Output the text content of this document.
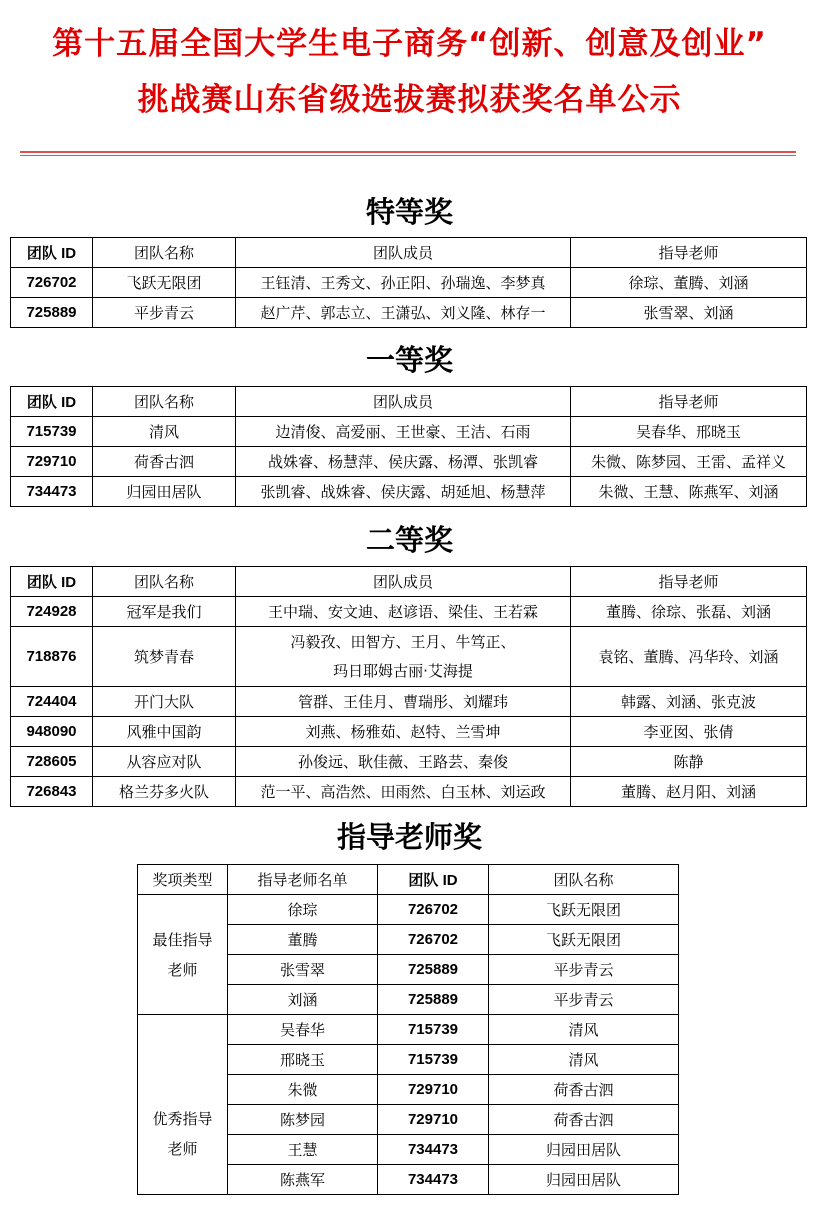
第十五届全国大学生电子商务“创新、创意及创业”
挑战赛山东省级选拔赛拟获奖名单公示
特等奖
团队 ID	团队名称	团队成员	指导老师
726702	飞跃无限团	王钰清、王秀文、孙正阳、孙瑞逸、李梦真	徐琮、董腾、刘涵
725889	平步青云	赵广芹、郭志立、王潇弘、刘义隆、林存一	张雪翠、刘涵
一等奖
团队 ID	团队名称	团队成员	指导老师
715739	清风	边清俊、高爱丽、王世豪、王洁、石雨	吴春华、邢晓玉
729710	荷香古泗	战姝睿、杨慧萍、侯庆露、杨潭、张凯睿	朱微、陈梦园、王雷、孟祥义
734473	归园田居队	张凯睿、战姝睿、侯庆露、胡延旭、杨慧萍	朱微、王慧、陈燕军、刘涵
二等奖
团队 ID	团队名称	团队成员	指导老师
724928	冠军是我们	王中瑞、安文迪、赵谚语、梁佳、王若霖	董腾、徐琮、张磊、刘涵
718876	筑梦青春	冯毅孜、田智方、王月、牛笃正、
玛日耶姆古丽·艾海提	袁铭、董腾、冯华玲、刘涵
724404	开门大队	管群、王佳月、曹瑞彤、刘耀玮	韩露、刘涵、张克波
948090	风雅中国韵	刘燕、杨雅茹、赵特、兰雪坤	李亚囡、张倩
728605	从容应对队	孙俊远、耿佳薇、王路芸、秦俊	陈静
726843	格兰芬多火队	范一平、高浩然、田雨然、白玉林、刘运政	董腾、赵月阳、刘涵
指导老师奖
奖项类型	指导老师名单	团队 ID	团队名称

最佳指导
老师	徐琮	726702	飞跃无限团
	董腾	726702	飞跃无限团
	张雪翠	725889	平步青云
	刘涵	725889	平步青云

优秀指导
老师	吴春华	715739	清风
	邢晓玉	715739	清风
	朱微	729710	荷香古泗
	陈梦园	729710	荷香古泗
	王慧	734473	归园田居队
	陈燕军	734473	归园田居队
